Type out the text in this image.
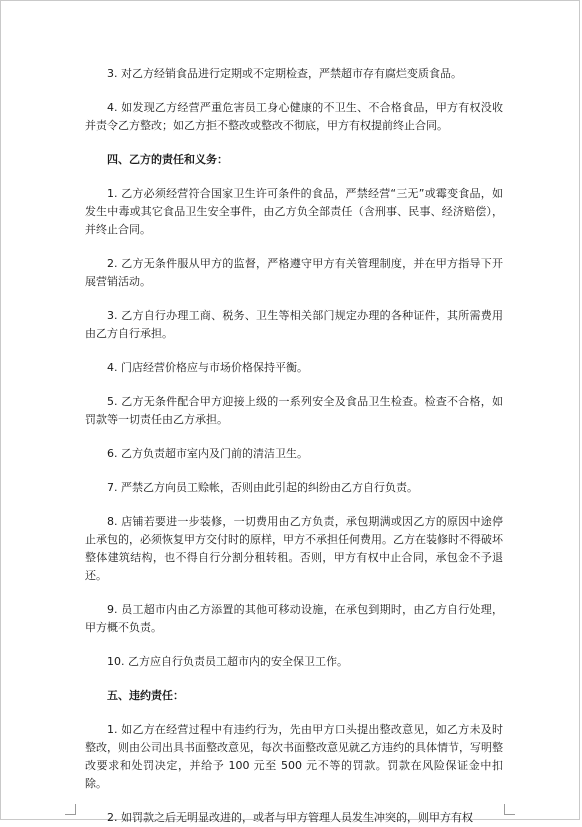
3. 对乙方经销食品进行定期或不定期检查，严禁超市存有腐烂变质食品。

4. 如发现乙方经营严重危害员工身心健康的不卫生、不合格食品，甲方有权没收并责令乙方整改；如乙方拒不整改或整改不彻底，甲方有权提前终止合同。

四、乙方的责任和义务：

1. 乙方必须经营符合国家卫生许可条件的食品，严禁经营“三无”或霉变食品，如发生中毒或其它食品卫生安全事件，由乙方负全部责任（含刑事、民事、经济赔偿），并终止合同。

2. 乙方无条件服从甲方的监督，严格遵守甲方有关管理制度，并在甲方指导下开展营销活动。

3. 乙方自行办理工商、税务、卫生等相关部门规定办理的各种证件，其所需费用由乙方自行承担。

4. 门店经营价格应与市场价格保持平衡。

5. 乙方无条件配合甲方迎接上级的一系列安全及食品卫生检查。检查不合格，如罚款等一切责任由乙方承担。

6. 乙方负责超市室内及门前的清洁卫生。

7. 严禁乙方向员工赊帐，否则由此引起的纠纷由乙方自行负责。

8. 店铺若要进一步装修，一切费用由乙方负责，承包期满或因乙方的原因中途停止承包的，必须恢复甲方交付时的原样，甲方不承担任何费用。乙方在装修时不得破坏整体建筑结构，也不得自行分割分租转租。否则，甲方有权中止合同，承包金不予退还。

9. 员工超市内由乙方添置的其他可移动设施，在承包到期时，由乙方自行处理，甲方概不负责。

10. 乙方应自行负责员工超市内的安全保卫工作。

五、违约责任：

1. 如乙方在经营过程中有违约行为，先由甲方口头提出整改意见，如乙方未及时整改，则由公司出具书面整改意见，每次书面整改意见就乙方违约的具体情节，写明整改要求和处罚决定，并给予 100 元至 500 元不等的罚款。罚款在风险保证金中扣除。

2. 如罚款之后无明显改进的，或者与甲方管理人员发生冲突的，则甲方有权
